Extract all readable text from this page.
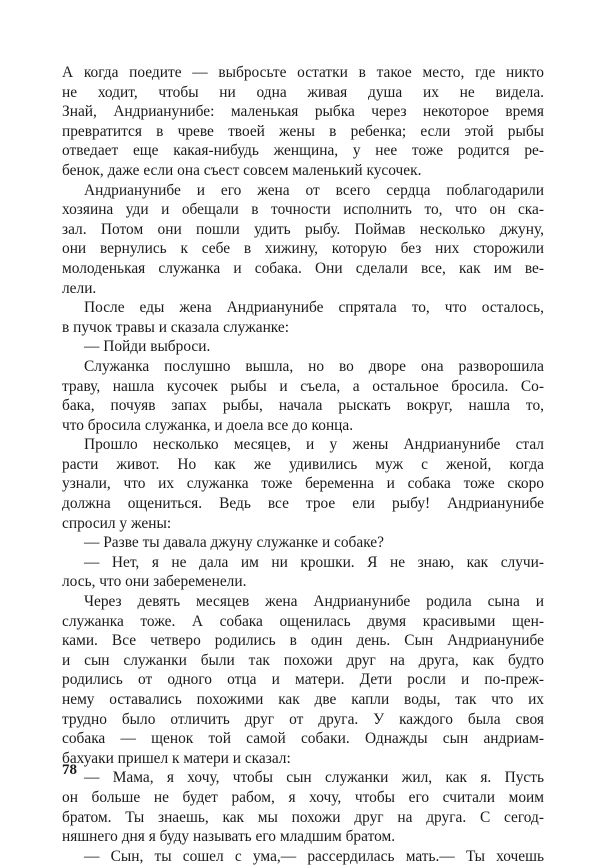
А когда поедите — выбросьте остатки в такое место, где никто
не ходит, чтобы ни одна живая душа их не видела.
Знай, Андрианунибе: маленькая рыбка через некоторое время
превратится в чреве твоей жены в ребенка; если этой рыбы
отведает еще какая-нибудь женщина, у нее тоже родится ре-
бенок, даже если она съест совсем маленький кусочек.
Андрианунибе и его жена от всего сердца поблагодарили
хозяина уди и обещали в точности исполнить то, что он ска-
зал. Потом они пошли удить рыбу. Поймав несколько джуну,
они вернулись к себе в хижину, которую без них сторожили
молоденькая служанка и собака. Они сделали все, как им ве-
лели.
После еды жена Андрианунибе спрятала то, что осталось,
в пучок травы и сказала служанке:
— Пойди выброси.
Служанка послушно вышла, но во дворе она разворошила
траву, нашла кусочек рыбы и съела, а остальное бросила. Со-
бака, почуяв запах рыбы, начала рыскать вокруг, нашла то,
что бросила служанка, и доела все до конца.
Прошло несколько месяцев, и у жены Андрианунибе стал
расти живот. Но как же удивились муж с женой, когда
узнали, что их служанка тоже беременна и собака тоже скоро
должна ощениться. Ведь все трое ели рыбу! Андрианунибе
спросил у жены:
— Разве ты давала джуну служанке и собаке?
— Нет, я не дала им ни крошки. Я не знаю, как случи-
лось, что они забеременели.
Через девять месяцев жена Андрианунибе родила сына и
служанка тоже. А собака ощенилась двумя красивыми щен-
ками. Все четверо родились в один день. Сын Андрианунибе
и сын служанки были так похожи друг на друга, как будто
родились от одного отца и матери. Дети росли и по-преж-
нему оставались похожими как две капли воды, так что их
трудно было отличить друг от друга. У каждого была своя
собака — щенок той самой собаки. Однажды сын андриам-
бахуаки пришел к матери и сказал:
— Мама, я хочу, чтобы сын служанки жил, как я. Пусть
он больше не будет рабом, я хочу, чтобы его считали моим
братом. Ты знаешь, как мы похожи друг на друга. С сегод-
няшнего дня я буду называть его младшим братом.
— Сын, ты сошел с ума,— рассердилась мать.— Ты хочешь
78
